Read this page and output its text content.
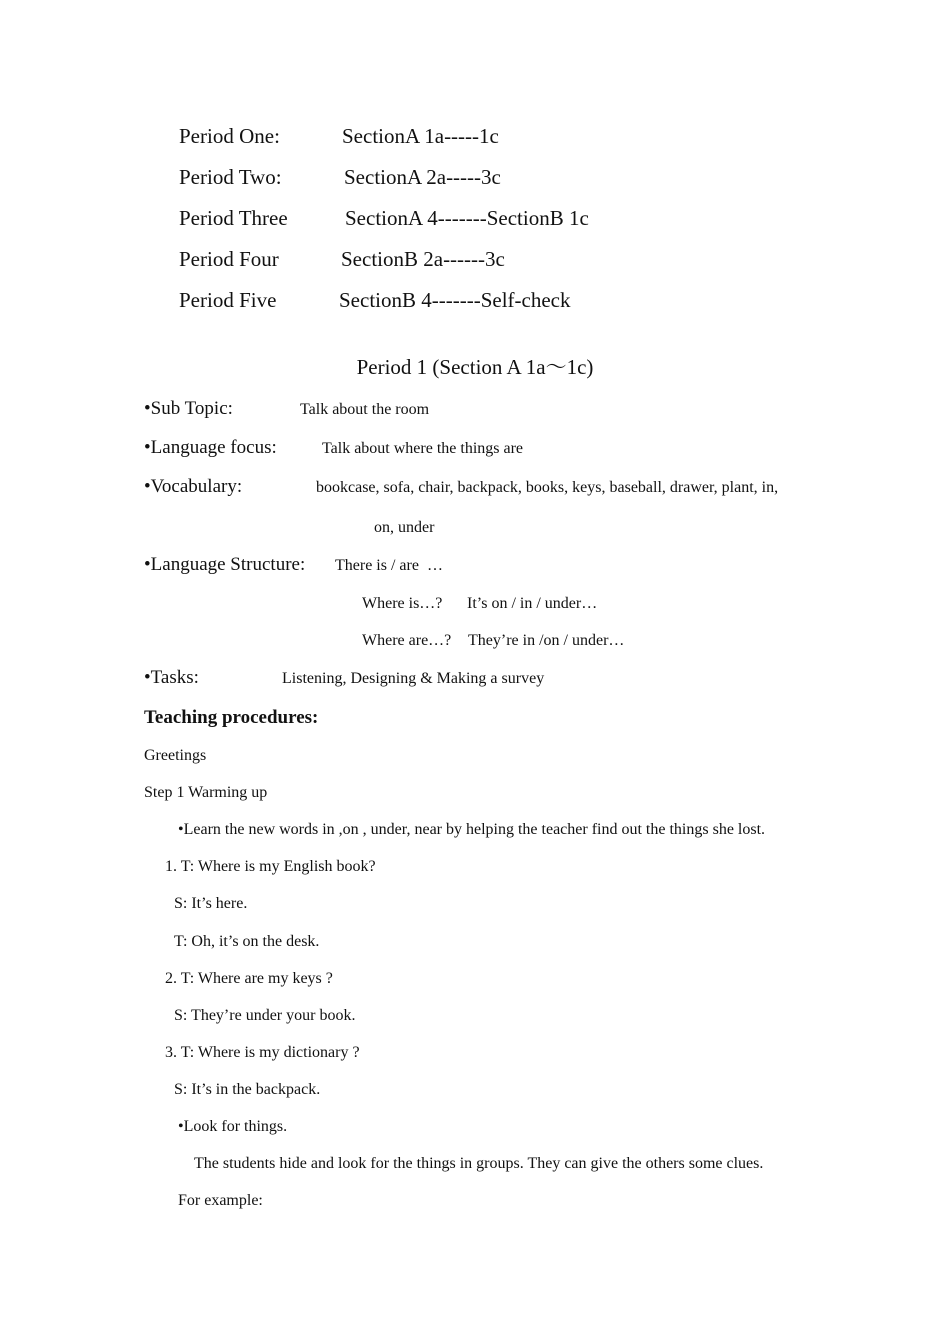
Period One:	SectionA 1a-----1c
Period Two:	SectionA 2a-----3c
Period Three	SectionA 4-------SectionB 1c
Period Four	SectionB 2a------3c
Period Five	SectionB 4-------Self-check
Period 1 (Section A 1a～1c)
•Sub Topic:	Talk about the room
•Language focus:	Talk about where the things are
•Vocabulary:	bookcase, sofa, chair, backpack, books, keys, baseball, drawer, plant, in,
on, under
•Language Structure: There is / are  …
Where is…? It’s on / in / under…
Where are…? They’re in /on / under…
•Tasks:	Listening, Designing & Making a survey
Teaching procedures:
Greetings
Step 1 Warming up
•Learn the new words in ,on , under, near by helping the teacher find out the things she lost.
1. T: Where is my English book?
S: It’s here.
T: Oh, it’s on the desk.
2. T: Where are my keys ?
S: They’re under your book.
3. T: Where is my dictionary ?
S: It’s in the backpack.
•Look for things.
The students hide and look for the things in groups. They can give the others some clues.
For example:
